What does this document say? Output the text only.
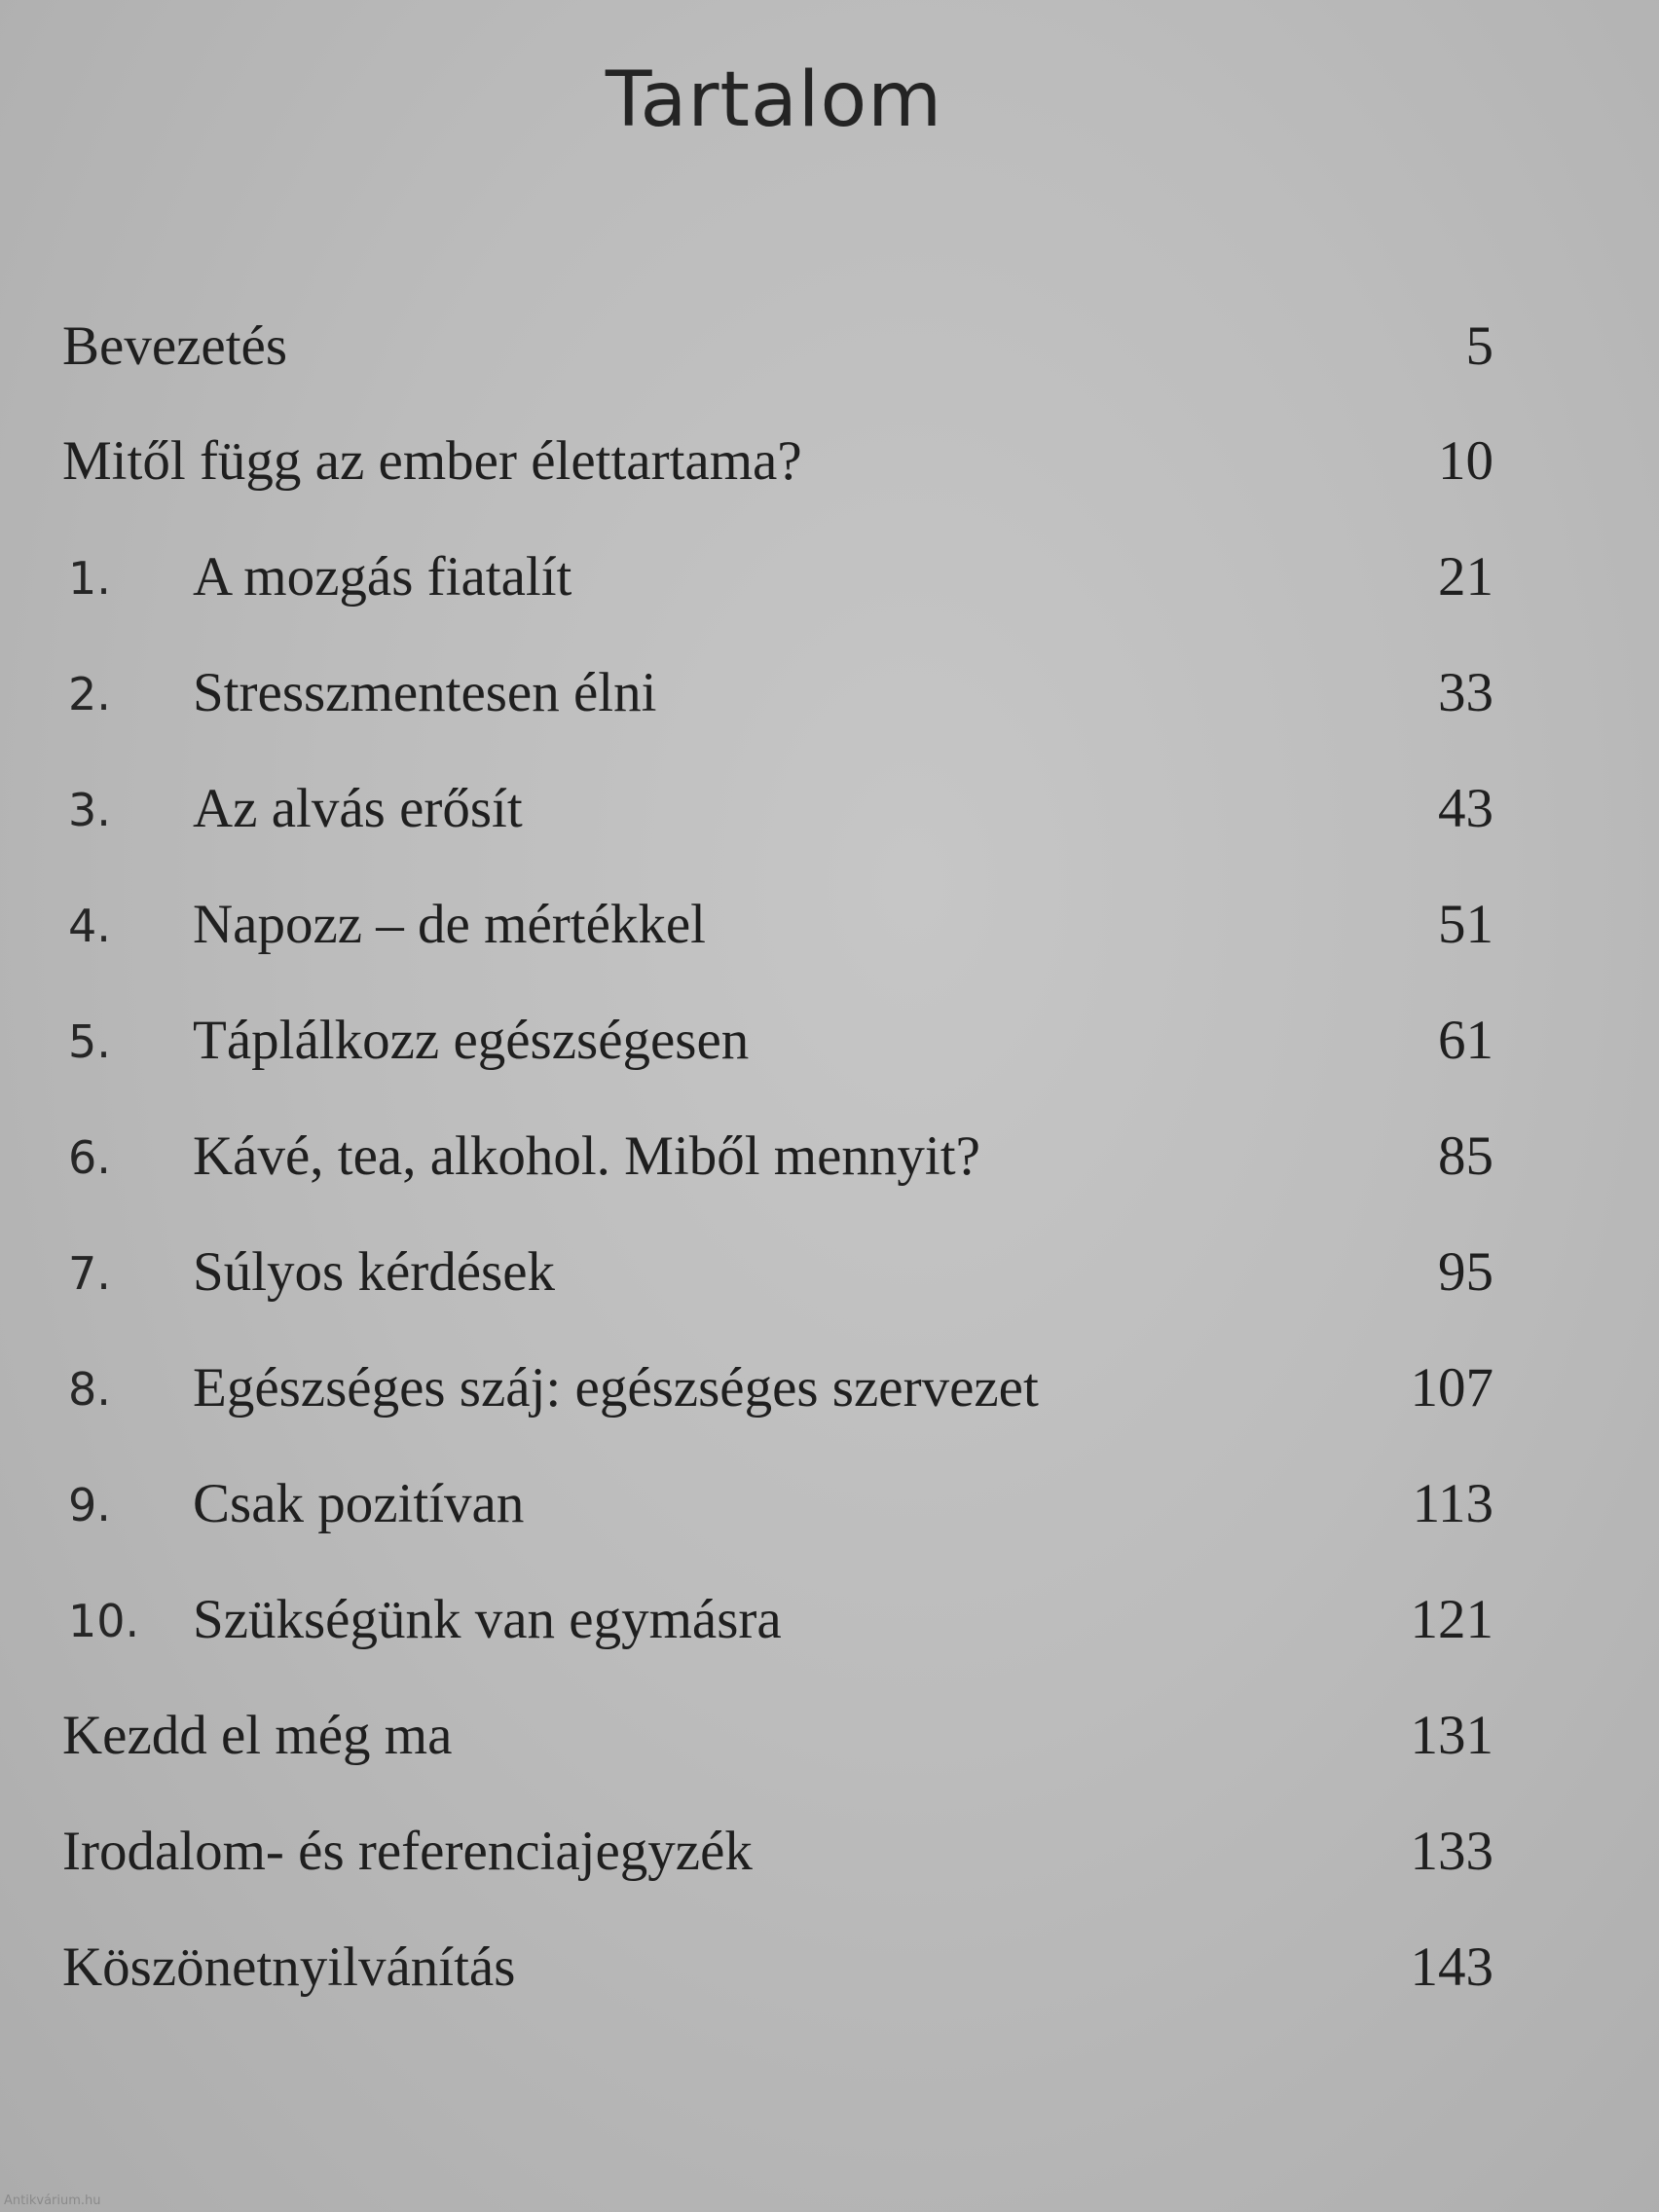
Tartalom
Bevezetés	5
Mitől függ az ember élettartama?	10
1. A mozgás fiatalít	21
2. Stresszmentesen élni	33
3. Az alvás erősít	43
4. Napozz – de mértékkel	51
5. Táplálkozz egészségesen	61
6. Kávé, tea, alkohol. Miből mennyit?	85
7. Súlyos kérdések	95
8. Egészséges száj: egészséges szervezet	107
9. Csak pozitívan	113
10. Szükségünk van egymásra	121
Kezdd el még ma	131
Irodalom- és referenciajegyzék	133
Köszönetnyilvánítás	143
Antikvárium.hu
